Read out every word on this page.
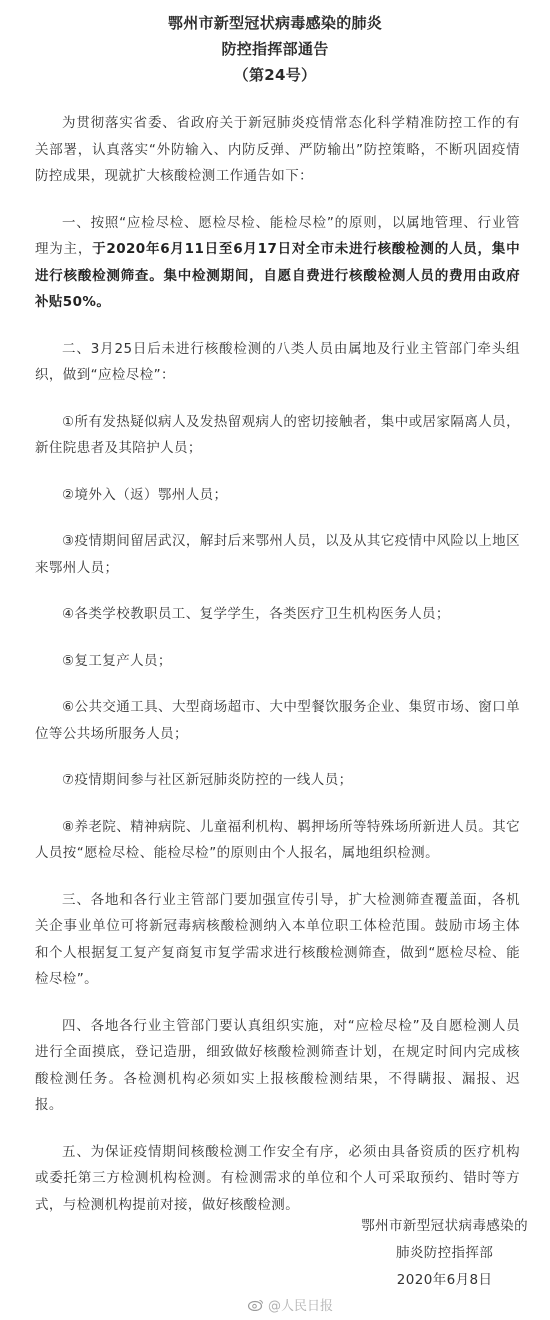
鄂州市新型冠状病毒感染的肺炎
防控指挥部通告
（第24号）

为贯彻落实省委、省政府关于新冠肺炎疫情常态化科学精准防控工作的有关部署，认真落实“外防输入、内防反弹、严防输出”防控策略，不断巩固疫情防控成果，现就扩大核酸检测工作通告如下：

一、按照“应检尽检、愿检尽检、能检尽检”的原则，以属地管理、行业管理为主，于2020年6月11日至6月17日对全市未进行核酸检测的人员，集中进行核酸检测筛查。集中检测期间，自愿自费进行核酸检测人员的费用由政府补贴50%。

二、3月25日后未进行核酸检测的八类人员由属地及行业主管部门牵头组织，做到“应检尽检”：

①所有发热疑似病人及发热留观病人的密切接触者，集中或居家隔离人员，新住院患者及其陪护人员；

②境外入（返）鄂州人员；

③疫情期间留居武汉，解封后来鄂州人员，以及从其它疫情中风险以上地区来鄂州人员；

④各类学校教职员工、复学学生，各类医疗卫生机构医务人员；

⑤复工复产人员；

⑥公共交通工具、大型商场超市、大中型餐饮服务企业、集贸市场、窗口单位等公共场所服务人员；

⑦疫情期间参与社区新冠肺炎防控的一线人员；

⑧养老院、精神病院、儿童福利机构、羁押场所等特殊场所新进人员。其它人员按“愿检尽检、能检尽检”的原则由个人报名，属地组织检测。

三、各地和各行业主管部门要加强宣传引导，扩大检测筛查覆盖面，各机关企事业单位可将新冠毒病核酸检测纳入本单位职工体检范围。鼓励市场主体和个人根据复工复产复商复市复学需求进行核酸检测筛查，做到“愿检尽检、能检尽检”。

四、各地各行业主管部门要认真组织实施，对“应检尽检”及自愿检测人员进行全面摸底，登记造册，细致做好核酸检测筛查计划，在规定时间内完成核酸检测任务。各检测机构必须如实上报核酸检测结果，不得瞒报、漏报、迟报。

五、为保证疫情期间核酸检测工作安全有序，必须由具备资质的医疗机构或委托第三方检测机构检测。有检测需求的单位和个人可采取预约、错时等方式，与检测机构提前对接，做好核酸检测。

鄂州市新型冠状病毒感染的
肺炎防控指挥部
2020年6月8日
@人民日报
